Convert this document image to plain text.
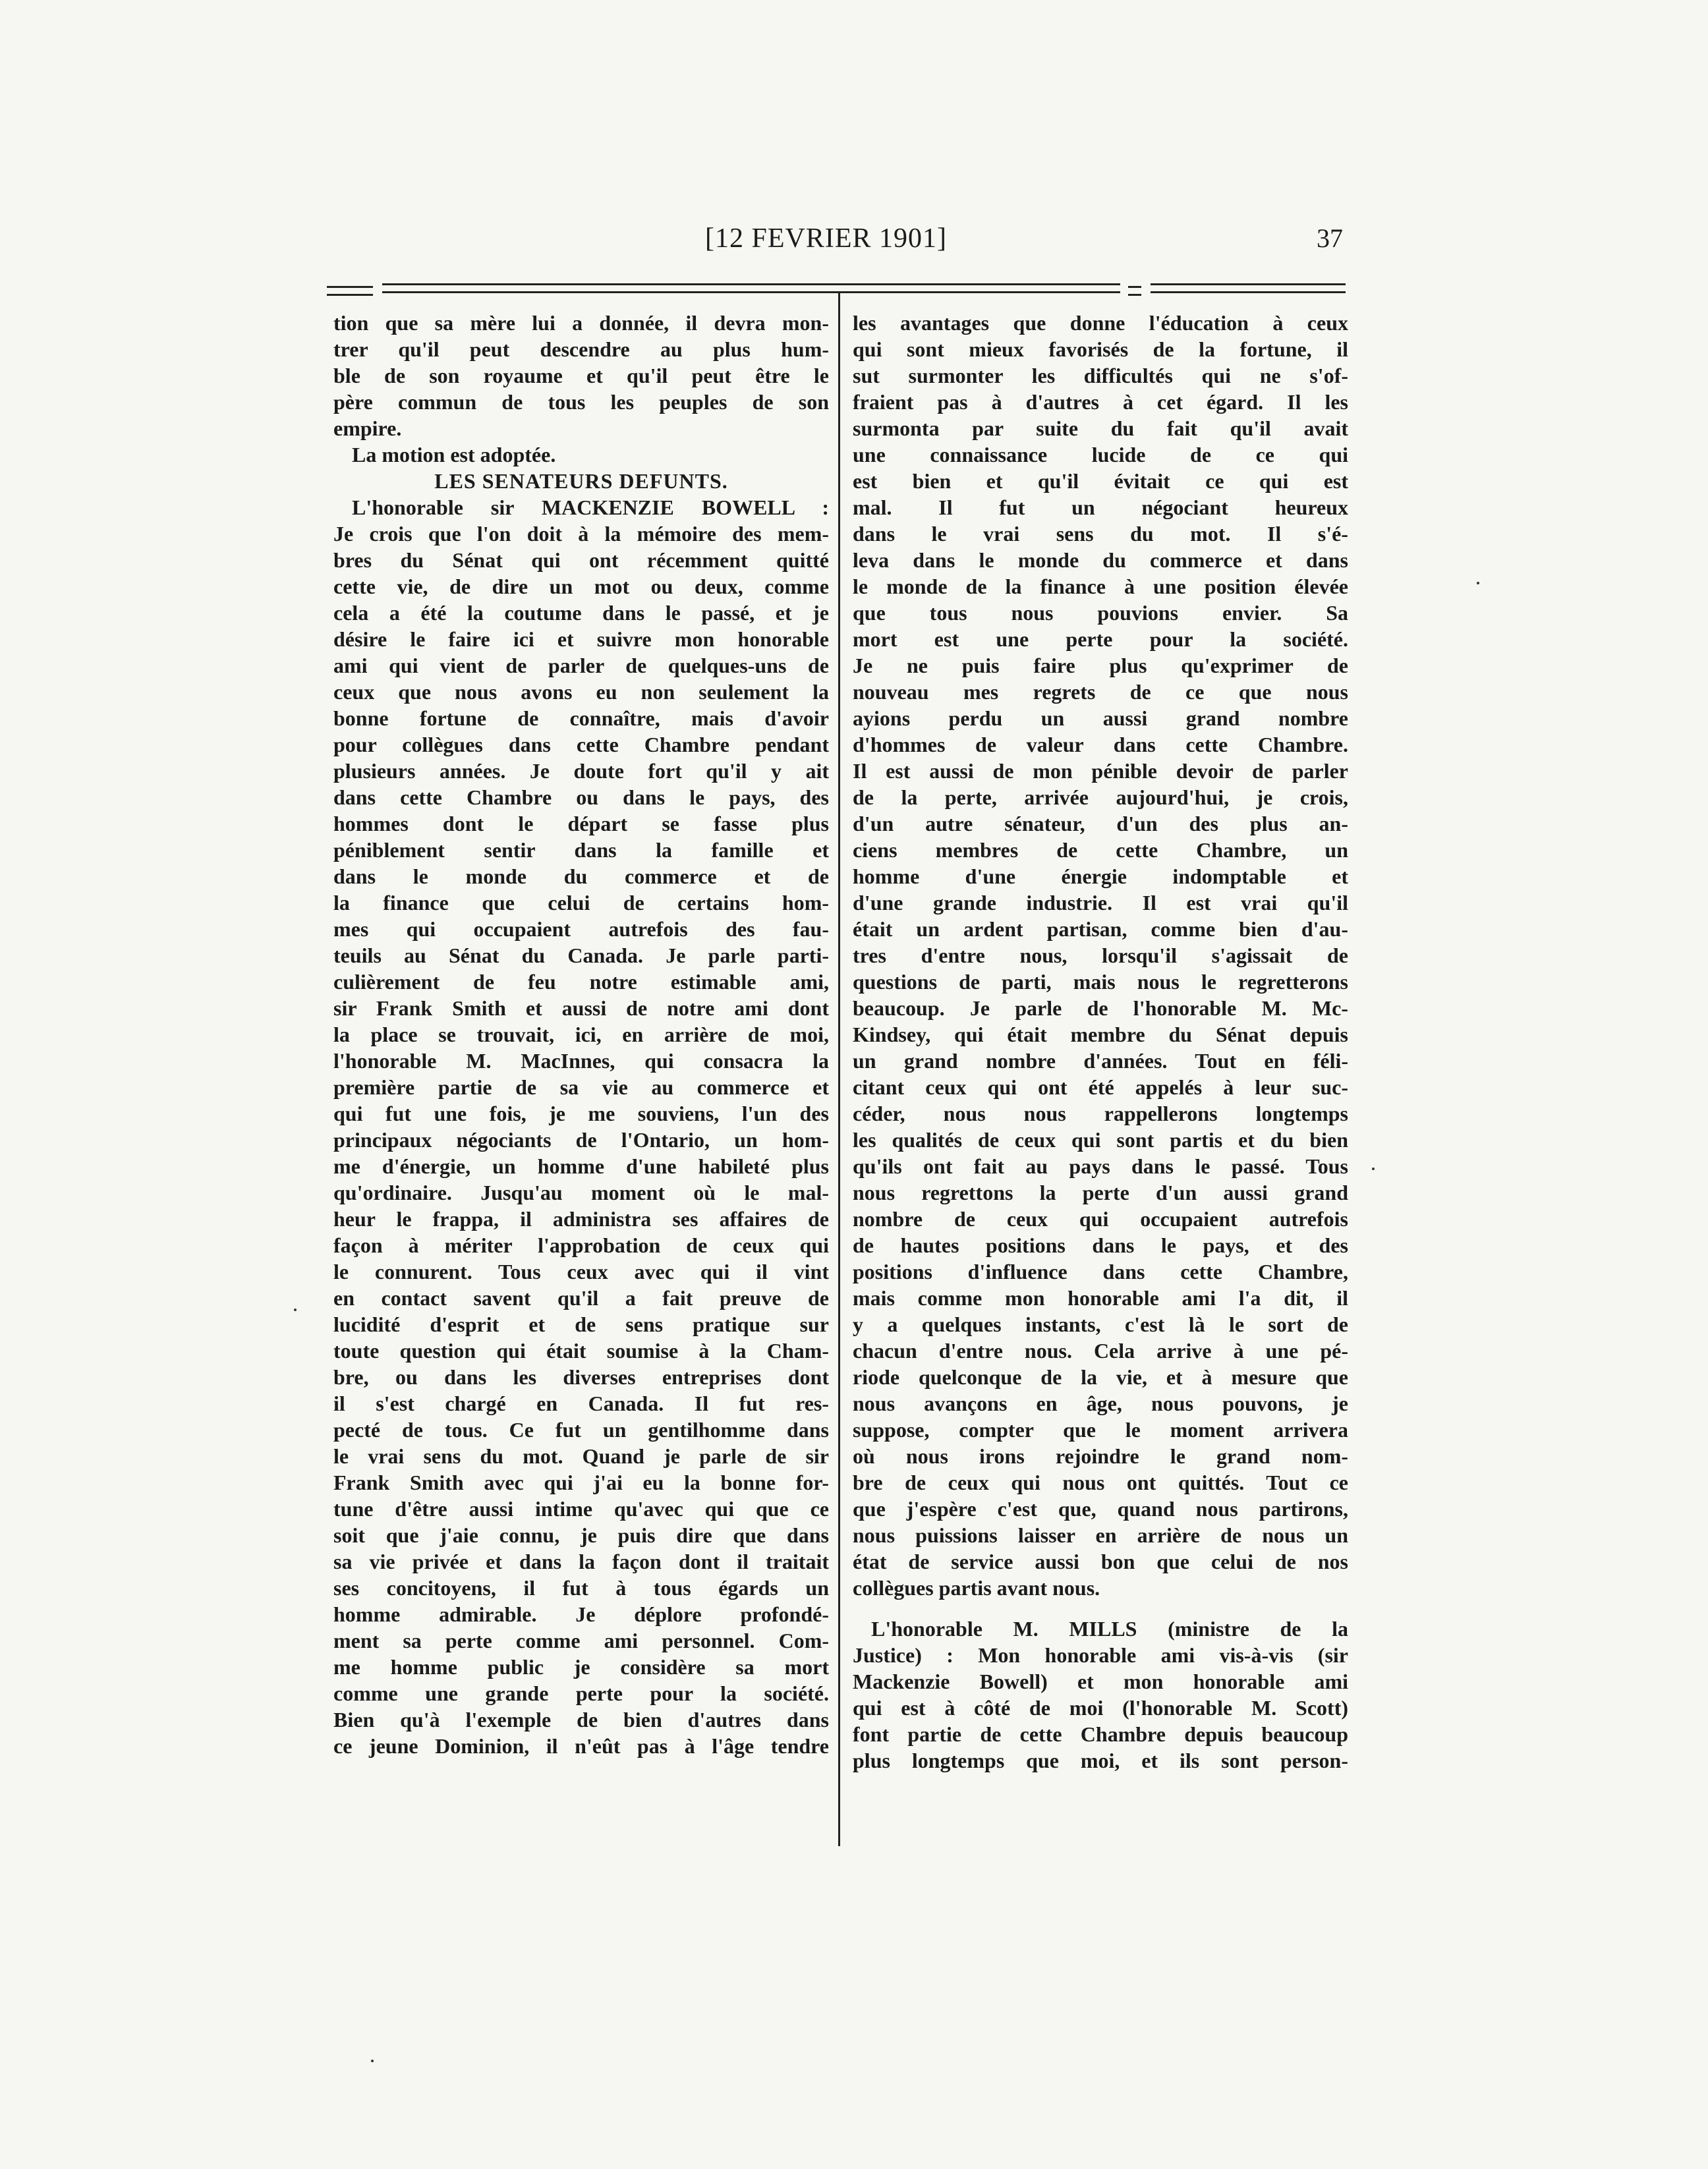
[12 FEVRIER 1901]	37
tion que sa mère lui a donnée, il devra mon-
trer qu'il peut descendre au plus hum-
ble de son royaume et qu'il peut être le
père commun de tous les peuples de son
empire.
La motion est adoptée.
LES SENATEURS DEFUNTS.
L'honorable sir MACKENZIE BOWELL :
Je crois que l'on doit à la mémoire des mem-
bres du Sénat qui ont récemment quitté
cette vie, de dire un mot ou deux, comme
cela a été la coutume dans le passé, et je
désire le faire ici et suivre mon honorable
ami qui vient de parler de quelques-uns de
ceux que nous avons eu non seulement la
bonne fortune de connaître, mais d'avoir
pour collègues dans cette Chambre pendant
plusieurs années. Je doute fort qu'il y ait
dans cette Chambre ou dans le pays, des
hommes dont le départ se fasse plus
péniblement sentir dans la famille et
dans le monde du commerce et de
la finance que celui de certains hom-
mes qui occupaient autrefois des fau-
teuils au Sénat du Canada. Je parle parti-
culièrement de feu notre estimable ami,
sir Frank Smith et aussi de notre ami dont
la place se trouvait, ici, en arrière de moi,
l'honorable M. MacInnes, qui consacra la
première partie de sa vie au commerce et
qui fut une fois, je me souviens, l'un des
principaux négociants de l'Ontario, un hom-
me d'énergie, un homme d'une habileté plus
qu'ordinaire. Jusqu'au moment où le mal-
heur le frappa, il administra ses affaires de
façon à mériter l'approbation de ceux qui
le connurent. Tous ceux avec qui il vint
en contact savent qu'il a fait preuve de
lucidité d'esprit et de sens pratique sur
toute question qui était soumise à la Cham-
bre, ou dans les diverses entreprises dont
il s'est chargé en Canada. Il fut res-
pecté de tous. Ce fut un gentilhomme dans
le vrai sens du mot. Quand je parle de sir
Frank Smith avec qui j'ai eu la bonne for-
tune d'être aussi intime qu'avec qui que ce
soit que j'aie connu, je puis dire que dans
sa vie privée et dans la façon dont il traitait
ses concitoyens, il fut à tous égards un
homme admirable. Je déplore profondé-
ment sa perte comme ami personnel. Com-
me homme public je considère sa mort
comme une grande perte pour la société.
Bien qu'à l'exemple de bien d'autres dans
ce jeune Dominion, il n'eût pas à l'âge tendre
les avantages que donne l'éducation à ceux
qui sont mieux favorisés de la fortune, il
sut surmonter les difficultés qui ne s'of-
fraient pas à d'autres à cet égard. Il les
surmonta par suite du fait qu'il avait
une connaissance lucide de ce qui
est bien et qu'il évitait ce qui est
mal. Il fut un négociant heureux
dans le vrai sens du mot. Il s'é-
leva dans le monde du commerce et dans
le monde de la finance à une position élevée
que tous nous pouvions envier. Sa
mort est une perte pour la société.
Je ne puis faire plus qu'exprimer de
nouveau mes regrets de ce que nous
ayions perdu un aussi grand nombre
d'hommes de valeur dans cette Chambre.
Il est aussi de mon pénible devoir de parler
de la perte, arrivée aujourd'hui, je crois,
d'un autre sénateur, d'un des plus an-
ciens membres de cette Chambre, un
homme d'une énergie indomptable et
d'une grande industrie. Il est vrai qu'il
était un ardent partisan, comme bien d'au-
tres d'entre nous, lorsqu'il s'agissait de
questions de parti, mais nous le regretterons
beaucoup. Je parle de l'honorable M. Mc-
Kindsey, qui était membre du Sénat depuis
un grand nombre d'années. Tout en féli-
citant ceux qui ont été appelés à leur suc-
céder, nous nous rappellerons longtemps
les qualités de ceux qui sont partis et du bien
qu'ils ont fait au pays dans le passé. Tous
nous regrettons la perte d'un aussi grand
nombre de ceux qui occupaient autrefois
de hautes positions dans le pays, et des
positions d'influence dans cette Chambre,
mais comme mon honorable ami l'a dit, il
y a quelques instants, c'est là le sort de
chacun d'entre nous. Cela arrive à une pé-
riode quelconque de la vie, et à mesure que
nous avançons en âge, nous pouvons, je
suppose, compter que le moment arrivera
où nous irons rejoindre le grand nom-
bre de ceux qui nous ont quittés. Tout ce
que j'espère c'est que, quand nous partirons,
nous puissions laisser en arrière de nous un
état de service aussi bon que celui de nos
collègues partis avant nous.
L'honorable M. MILLS (ministre de la
Justice) : Mon honorable ami vis-à-vis (sir
Mackenzie Bowell) et mon honorable ami
qui est à côté de moi (l'honorable M. Scott)
font partie de cette Chambre depuis beaucoup
plus longtemps que moi, et ils sont person-
